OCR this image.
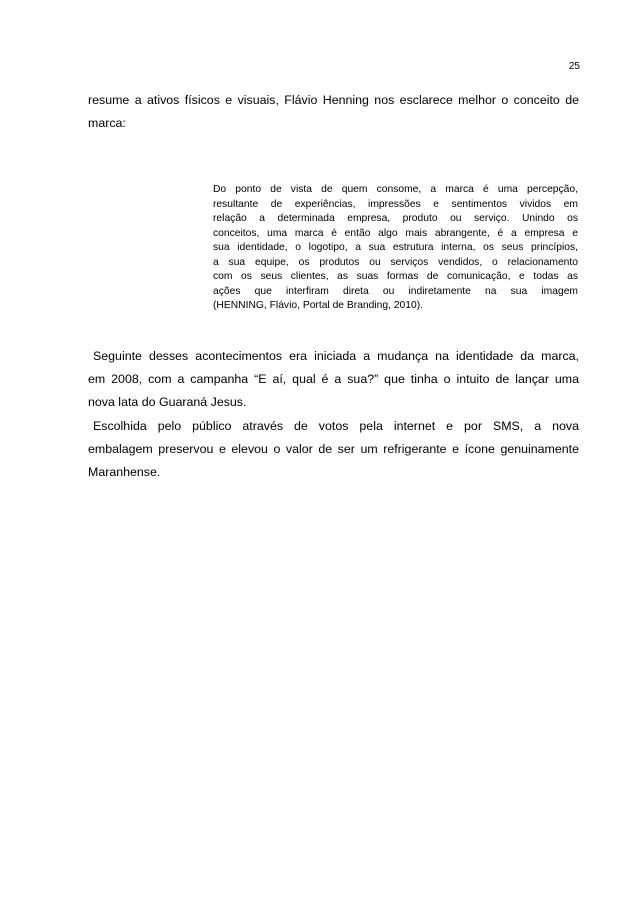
25
resume a ativos físicos e visuais, Flávio Henning nos esclarece melhor o conceito de
marca:
Do ponto de vista de quem consome, a marca é uma percepção,
resultante de experiências, impressões e sentimentos vividos em
relação a determinada empresa, produto ou serviço. Unindo os
conceitos, uma marca é então algo mais abrangente, é a empresa e
sua identidade, o logotipo, a sua estrutura interna, os seus princípios,
a sua equipe, os produtos ou serviços vendidos, o relacionamento
com os seus clientes, as suas formas de comunicação, e todas as
ações que interfiram direta ou indiretamente na sua imagem
(HENNING, Flávio, Portal de Branding, 2010).
Seguinte desses acontecimentos era iniciada a mudança na identidade da marca,
em 2008, com a campanha “E aí, qual é a sua?” que tinha o intuito de lançar uma
nova lata do Guaraná Jesus.
Escolhida pelo público através de votos pela internet e por SMS, a nova
embalagem preservou e elevou o valor de ser um refrigerante e ícone genuinamente
Maranhense.
